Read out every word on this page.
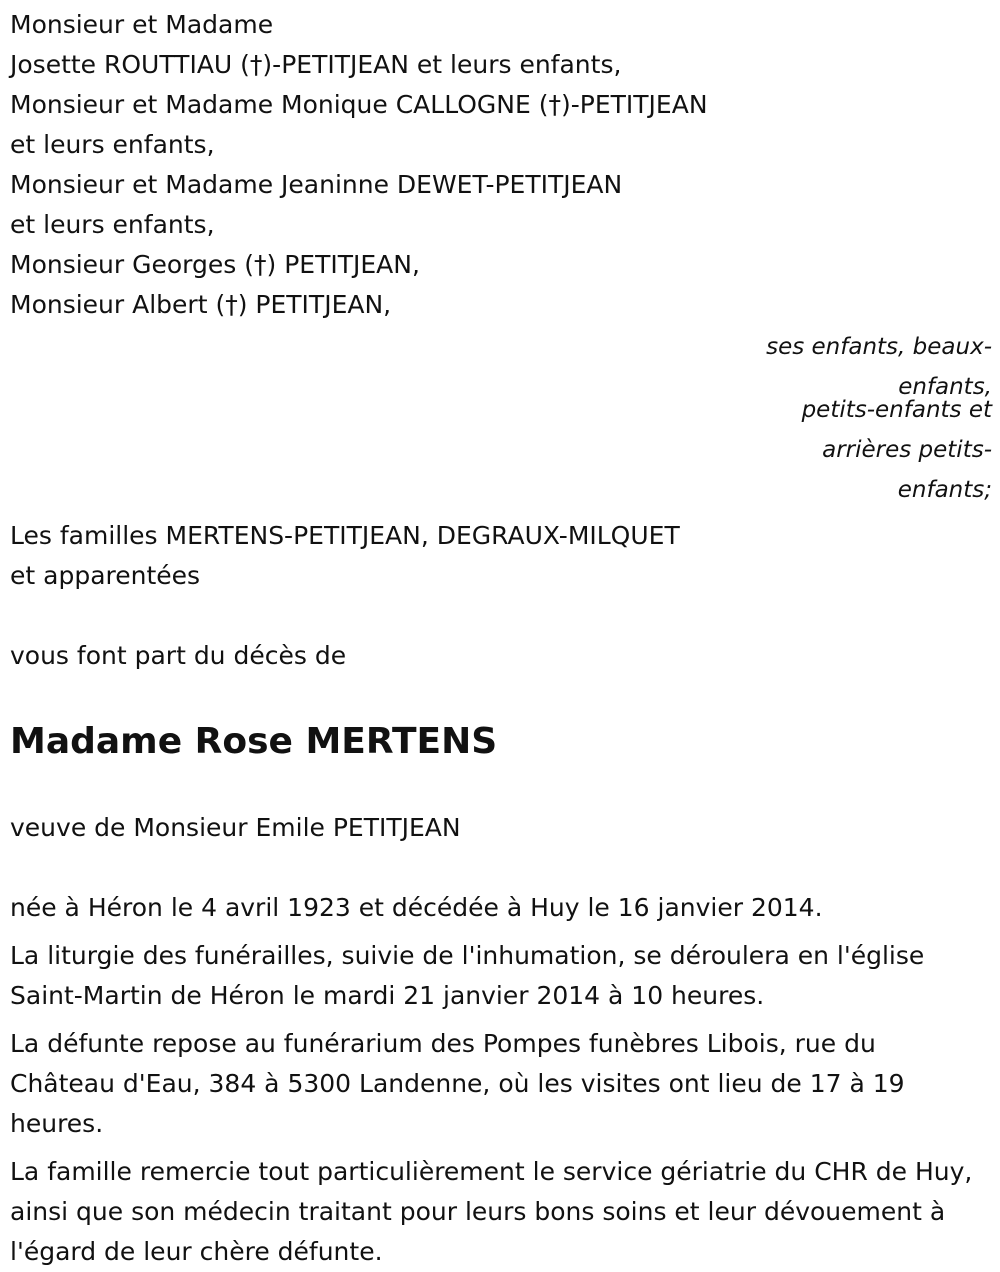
Monsieur et Madame
Josette ROUTTIAU (†)-PETITJEAN et leurs enfants,
Monsieur et Madame Monique CALLOGNE (†)-PETITJEAN
et leurs enfants,
Monsieur et Madame Jeaninne DEWET-PETITJEAN
et leurs enfants,
Monsieur Georges (†) PETITJEAN,
Monsieur Albert (†) PETITJEAN,
ses enfants, beaux-
enfants,
petits-enfants et
arrières petits-
enfants;
Les familles MERTENS-PETITJEAN, DEGRAUX-MILQUET
et apparentées
vous font part du décès de
Madame Rose MERTENS
veuve de Monsieur Emile PETITJEAN
née à Héron le 4 avril 1923 et décédée à Huy le 16 janvier 2014.
La liturgie des funérailles, suivie de l'inhumation, se déroulera en l'église Saint-Martin de Héron le mardi 21 janvier 2014 à 10 heures.
La défunte repose au funérarium des Pompes funèbres Libois, rue du Château d'Eau, 384 à 5300 Landenne, où les visites ont lieu de 17 à 19 heures.
La famille remercie tout particulièrement le service gériatrie du CHR de Huy, ainsi que son médecin traitant pour leurs bons soins et leur dévouement à l'égard de leur chère défunte.
